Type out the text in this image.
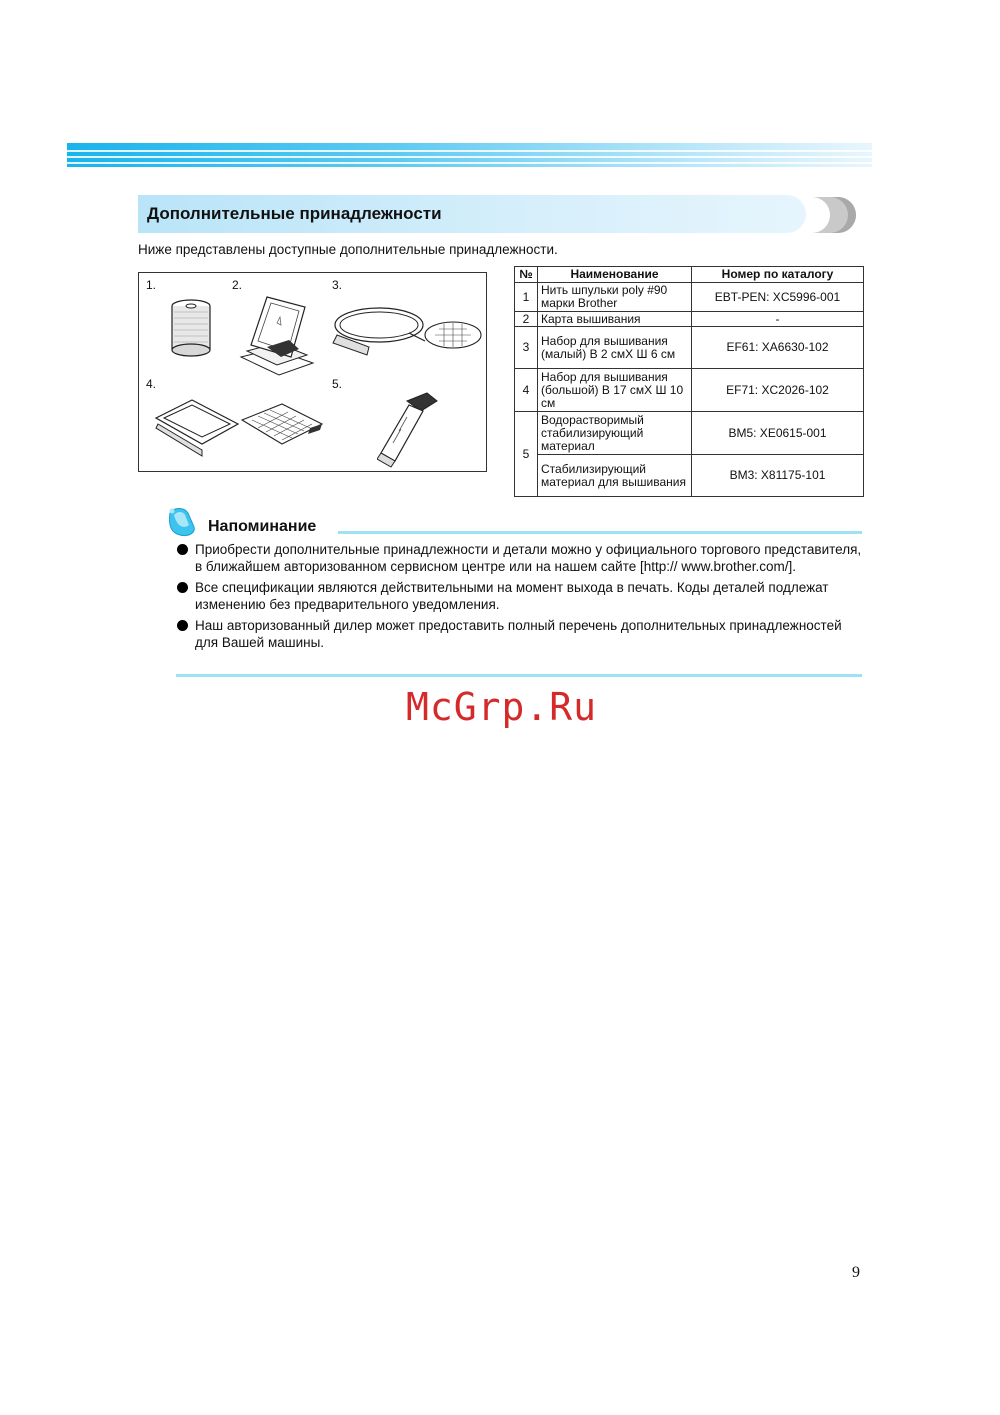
Дополнительные принадлежности
Ниже представлены доступные дополнительные принадлежности.
1.	2.	3.
4.	5.
№	Наименование	Номер по каталогу
1	Нить шпульки poly #90 марки Brother	EBT-PEN: XC5996-001
2	Карта вышивания	-
3	Набор для вышивания (малый) В 2 смХ Ш 6 см	EF61: XA6630-102
4	Набор для вышивания (большой) В 17 смХ Ш 10 см	EF71: XC2026-102
5	Водорастворимый стабилизирующий материал	BM5: XE0615-001
	Стабилизирующий материал для вышивания	BM3: X81175-101
Напоминание
Приобрести дополнительные принадлежности и детали можно у официального торгового представителя, в ближайшем авторизованном сервисном центре или на нашем сайте [http:// www.brother.com/].
Все спецификации являются действительными на момент выхода в печать. Коды деталей подлежат изменению без предварительного уведомления.
Наш авторизованный дилер может предоставить полный перечень дополнительных принадлежностей для Вашей машины.
McGrp.Ru
9
